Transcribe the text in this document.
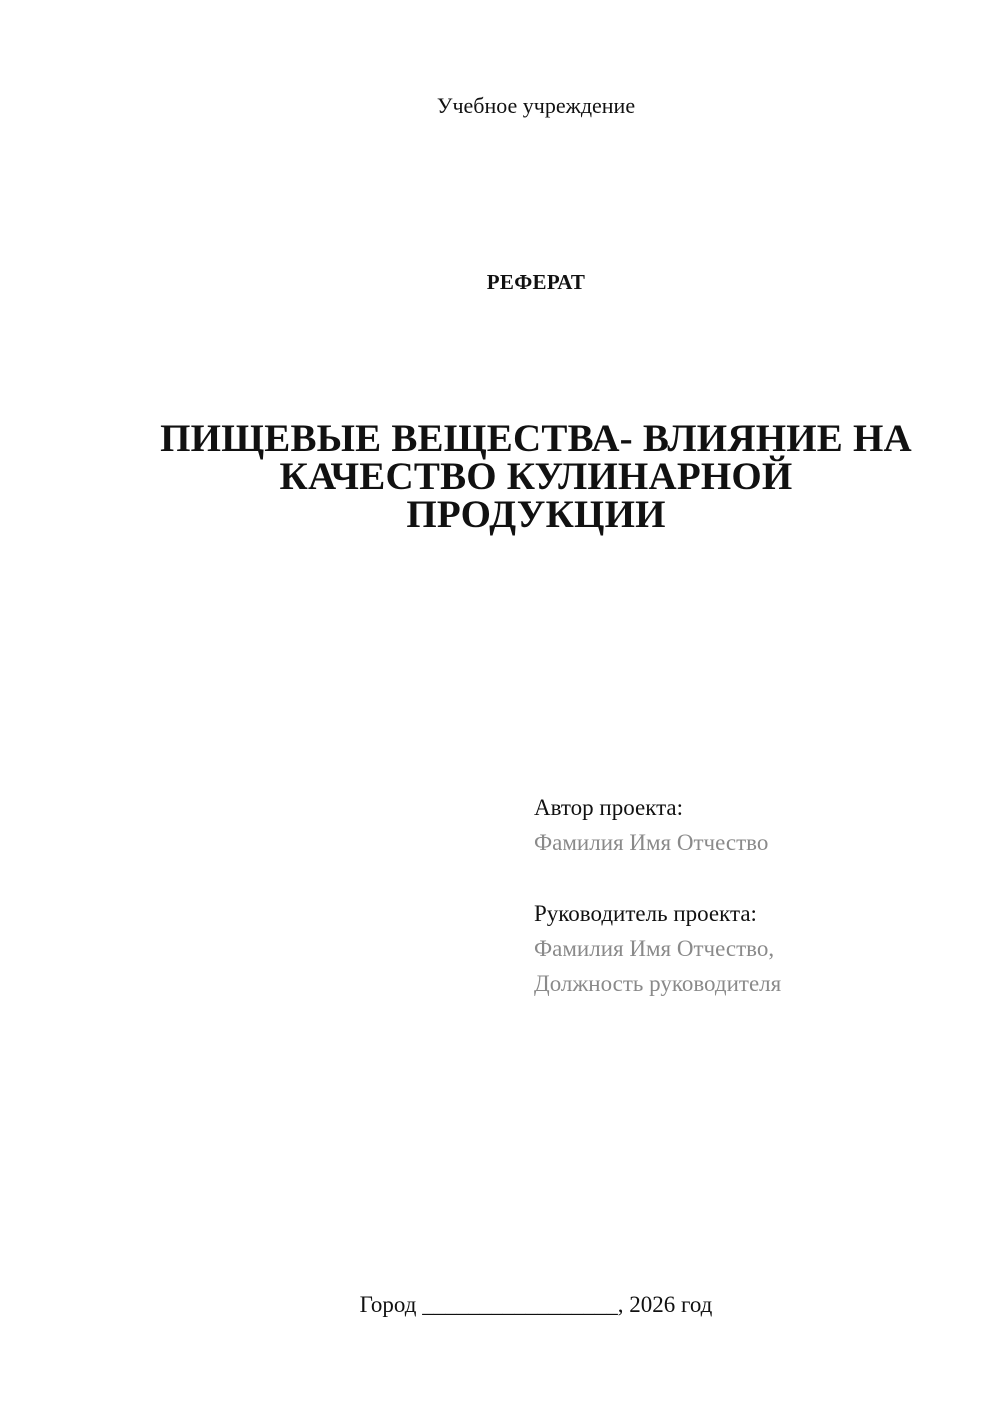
Учебное учреждение
РЕФЕРАТ
ПИЩЕВЫЕ ВЕЩЕСТВА- ВЛИЯНИЕ НА
КАЧЕСТВО КУЛИНАРНОЙ
ПРОДУКЦИИ
Автор проекта:
Фамилия Имя Отчество
Руководитель проекта:
Фамилия Имя Отчество,
Должность руководителя
Город _________________, 2026 год
